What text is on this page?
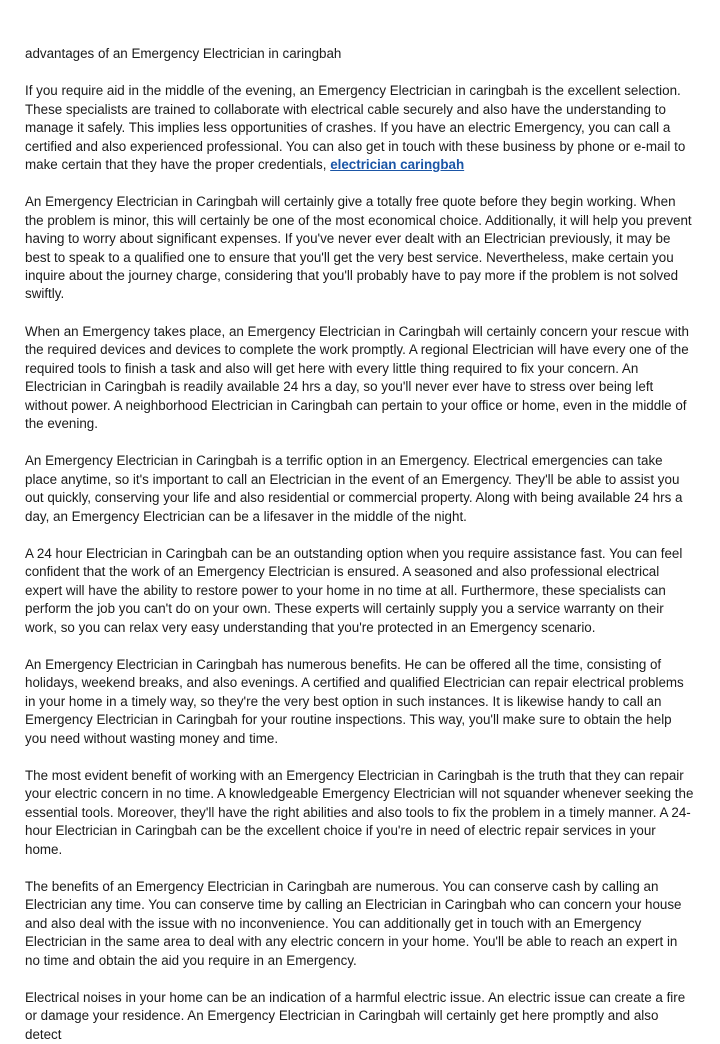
advantages of an Emergency Electrician in caringbah

If you require aid in the middle of the evening, an Emergency Electrician in caringbah is the excellent selection. These specialists are trained to collaborate with electrical cable securely and also have the understanding to manage it safely. This implies less opportunities of crashes. If you have an electric Emergency, you can call a certified and also experienced professional. You can also get in touch with these business by phone or e-mail to make certain that they have the proper credentials, electrician caringbah

An Emergency Electrician in Caringbah will certainly give a totally free quote before they begin working. When the problem is minor, this will certainly be one of the most economical choice. Additionally, it will help you prevent having to worry about significant expenses. If you've never ever dealt with an Electrician previously, it may be best to speak to a qualified one to ensure that you'll get the very best service. Nevertheless, make certain you inquire about the journey charge, considering that you'll probably have to pay more if the problem is not solved swiftly.

When an Emergency takes place, an Emergency Electrician in Caringbah will certainly concern your rescue with the required devices and devices to complete the work promptly. A regional Electrician will have every one of the required tools to finish a task and also will get here with every little thing required to fix your concern. An Electrician in Caringbah is readily available 24 hrs a day, so you'll never ever have to stress over being left without power. A neighborhood Electrician in Caringbah can pertain to your office or home, even in the middle of the evening.

An Emergency Electrician in Caringbah is a terrific option in an Emergency. Electrical emergencies can take place anytime, so it's important to call an Electrician in the event of an Emergency. They'll be able to assist you out quickly, conserving your life and also residential or commercial property. Along with being available 24 hrs a day, an Emergency Electrician can be a lifesaver in the middle of the night.

A 24 hour Electrician in Caringbah can be an outstanding option when you require assistance fast. You can feel confident that the work of an Emergency Electrician is ensured. A seasoned and also professional electrical expert will have the ability to restore power to your home in no time at all. Furthermore, these specialists can perform the job you can't do on your own. These experts will certainly supply you a service warranty on their work, so you can relax very easy understanding that you're protected in an Emergency scenario.

An Emergency Electrician in Caringbah has numerous benefits. He can be offered all the time, consisting of holidays, weekend breaks, and also evenings. A certified and qualified Electrician can repair electrical problems in your home in a timely way, so they're the very best option in such instances. It is likewise handy to call an Emergency Electrician in Caringbah for your routine inspections. This way, you'll make sure to obtain the help you need without wasting money and time.

The most evident benefit of working with an Emergency Electrician in Caringbah is the truth that they can repair your electric concern in no time. A knowledgeable Emergency Electrician will not squander whenever seeking the essential tools. Moreover, they'll have the right abilities and also tools to fix the problem in a timely manner. A 24-hour Electrician in Caringbah can be the excellent choice if you're in need of electric repair services in your home.

The benefits of an Emergency Electrician in Caringbah are numerous. You can conserve cash by calling an Electrician any time. You can conserve time by calling an Electrician in Caringbah who can concern your house and also deal with the issue with no inconvenience. You can additionally get in touch with an Emergency Electrician in the same area to deal with any electric concern in your home. You'll be able to reach an expert in no time and obtain the aid you require in an Emergency.

Electrical noises in your home can be an indication of a harmful electric issue. An electric issue can create a fire or damage your residence. An Emergency Electrician in Caringbah will certainly get here promptly and also detect
